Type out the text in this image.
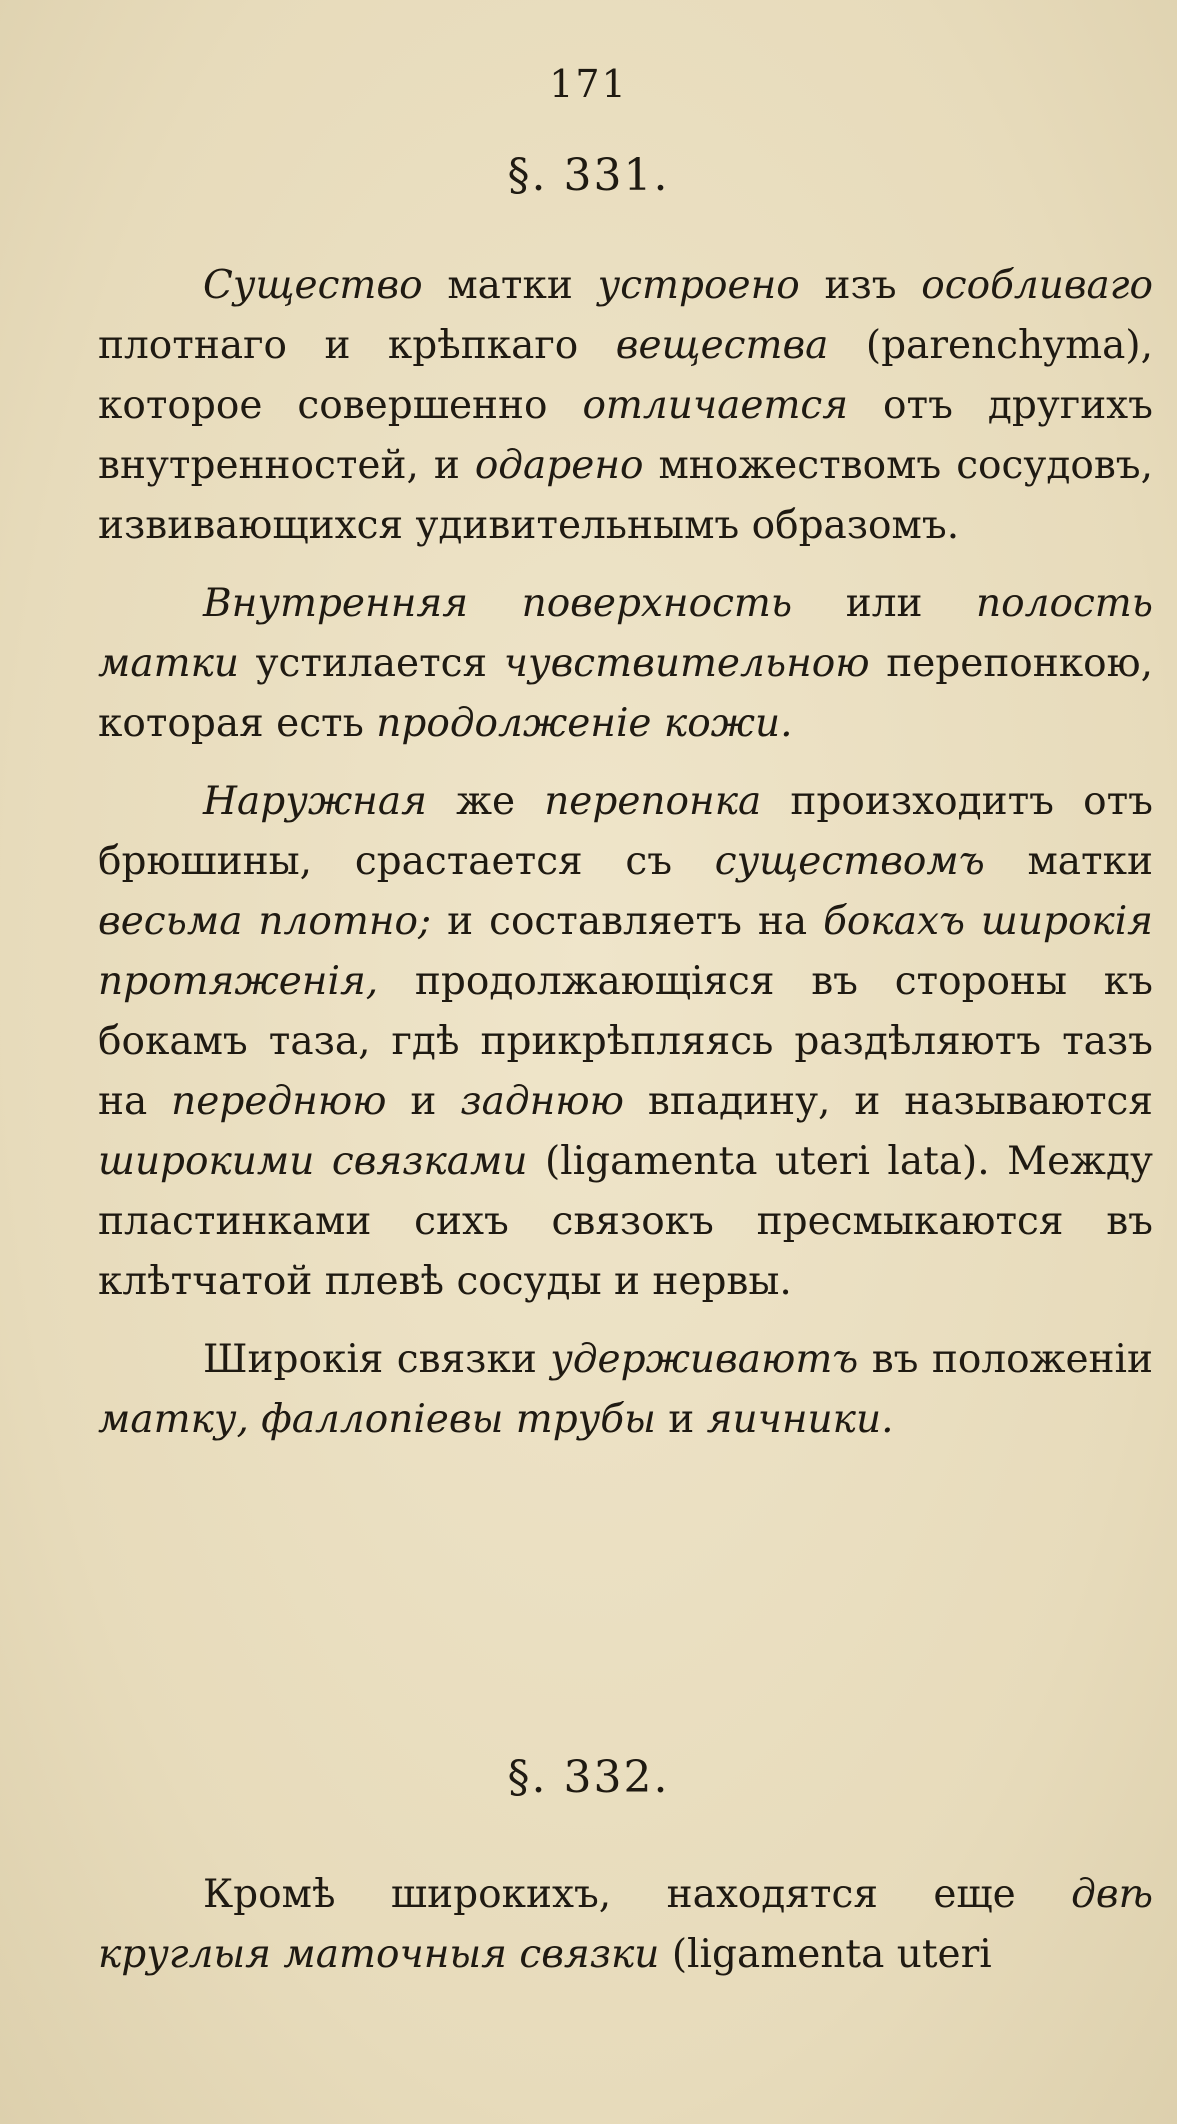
171
§. 331.

Существо матки устроено изъ особливаго плотнаго и крѣпкаго вещества (parenchyma), которое совершенно отличается отъ другихъ внутренностей, и одарено множествомъ сосудовъ, извивающихся удивительнымъ образомъ.

Внутренняя поверхность или полость матки устилается чувствительною перепонкою, которая есть продолженіе кожи.

Наружная же перепонка произходитъ отъ брюшины, срастается съ существомъ матки весьма плотно; и составляетъ на бокахъ широкія протяженія, продолжающіяся въ стороны къ бокамъ таза, гдѣ прикрѣпляясь раздѣляютъ тазъ на переднюю и заднюю впадину, и называются широкими связками (ligamenta uteri lata). Между пластинками сихъ связокъ пресмыкаются въ клѣтчатой плевѣ сосуды и нервы.

Широкія связки удерживаютъ въ положеніи матку, фаллопіевы трубы и яичники.

§. 332.

Кромѣ широкихъ, находятся еще двѣ круглыя маточныя связки (ligamenta uteri
